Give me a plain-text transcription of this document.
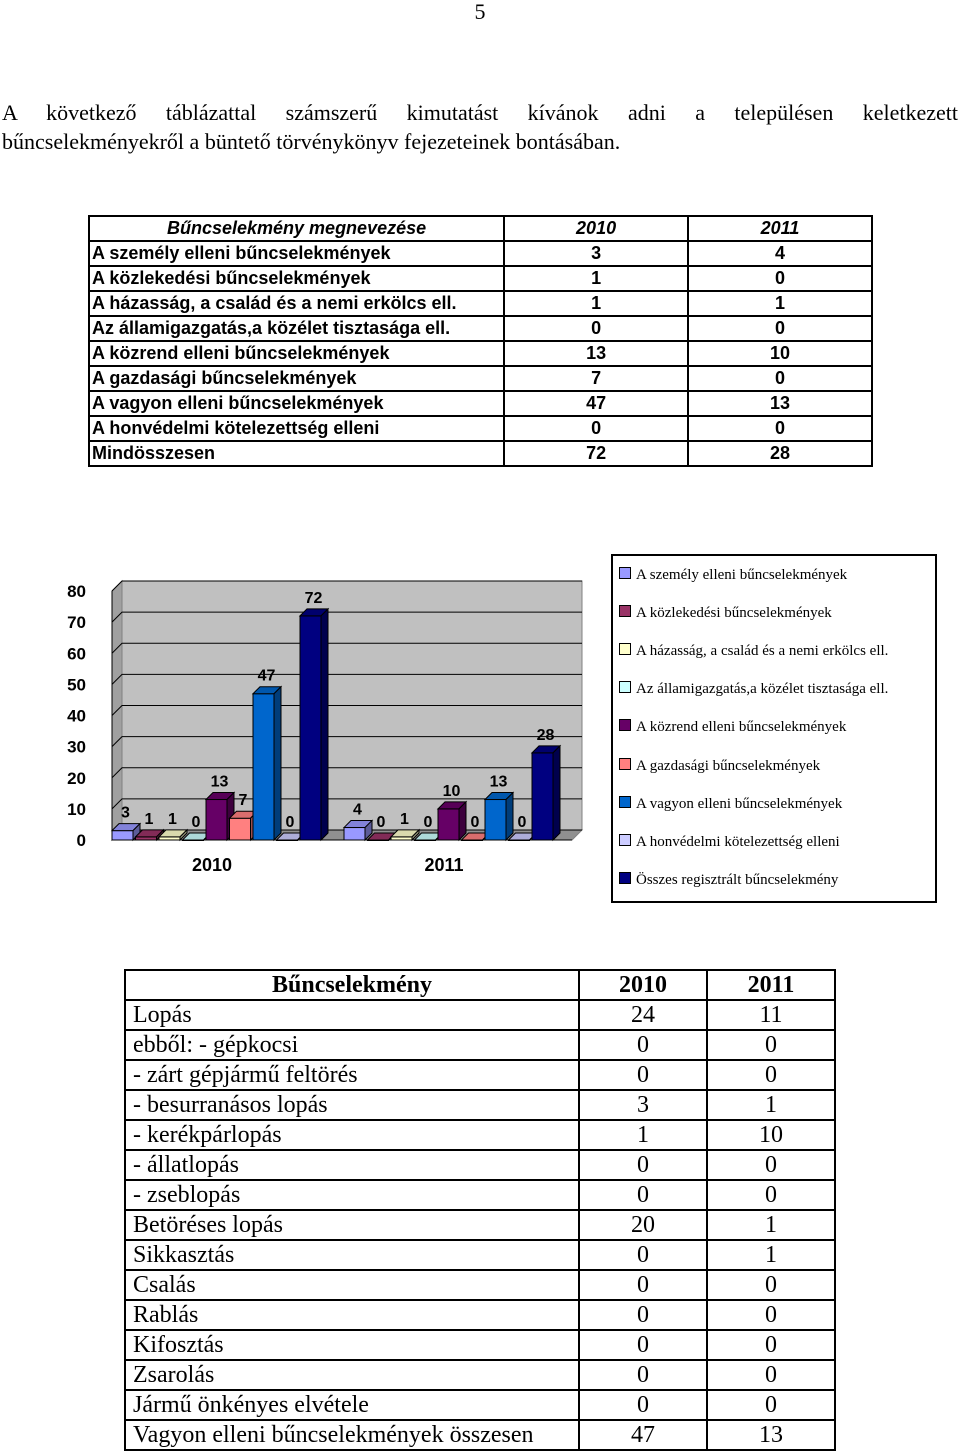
5
A következő táblázattal számszerű kimutatást kívánok adni a településen keletkezett
bűncselekményekről a büntető törvénykönyv fejezeteinek bontásában.
Bűncselekmény megnevezése	2010	2011
A személy elleni bűncselekmények	3	4
A közlekedési bűncselekmények	1	0
A házasság, a család és a nemi erkölcs ell.	1	1
Az államigazgatás,a közélet tisztasága ell.	0	0
A közrend elleni bűncselekmények	13	10
A gazdasági bűncselekmények	7	0
A vagyon elleni bűncselekmények	47	13
A honvédelmi kötelezettség elleni	0	0
Mindösszesen	72	28
0
10
20
30
40
50
60
70
80
3	4
1	0
1	1
0	0
13
10
7
0
47
13
0	0
72
28
2010	2011
A személy elleni bűncselekmények
A közlekedési bűncselekmények
A házasság, a család és a nemi erkölcs ell.
Az államigazgatás,a közélet tisztasága ell.
A közrend elleni bűncselekmények
A gazdasági bűncselekmények
A vagyon elleni bűncselekmények
A honvédelmi kötelezettség elleni
Összes regisztrált bűncselekmény
Bűncselekmény	2010	2011
Lopás	24	11
ebből: - gépkocsi	0	0
- zárt gépjármű feltörés	0	0
- besurranásos lopás	3	1
- kerékpárlopás	1	10
- állatlopás	0	0
- zseblopás	0	0
Betöréses lopás	20	1
Sikkasztás	0	1
Csalás	0	0
Rablás	0	0
Kifosztás	0	0
Zsarolás	0	0
Jármű önkényes elvétele	0	0
Vagyon elleni bűncselekmények összesen	47	13
